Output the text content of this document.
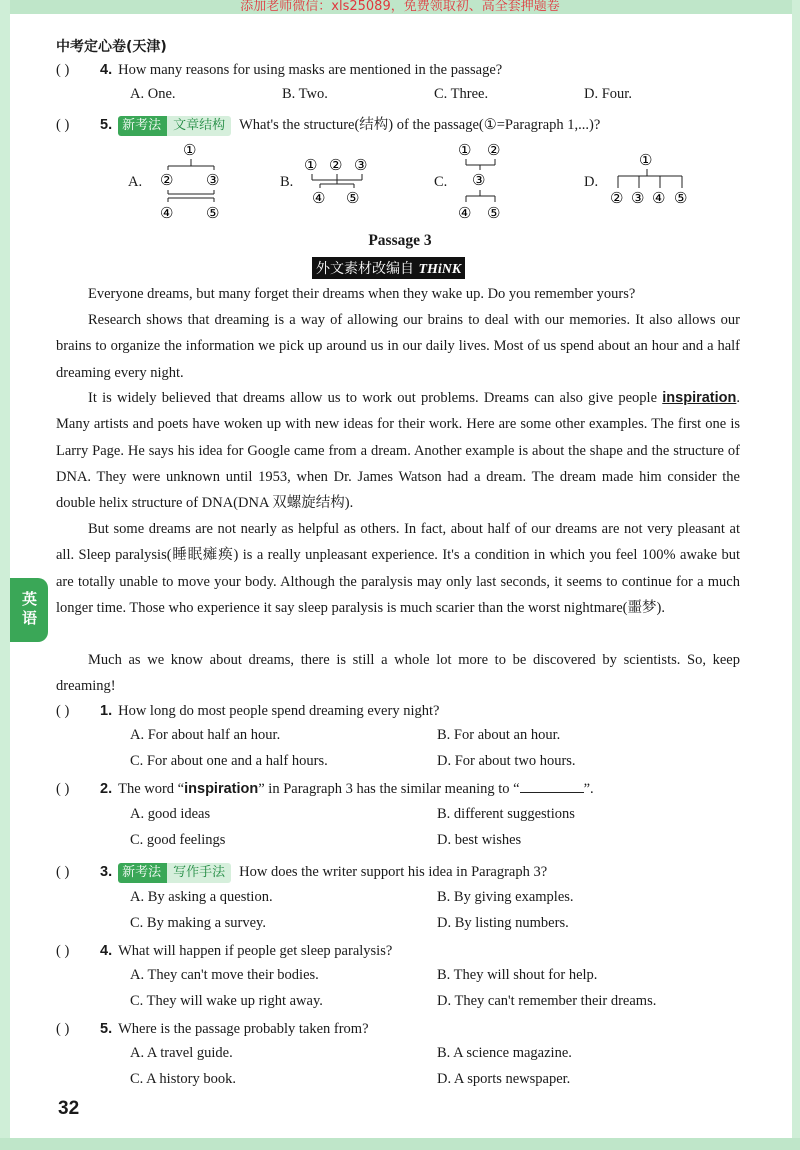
添加老师微信：xls25089，免费领取初、高全套押题卷
中考定心卷(天津)
英语
( ) 4. How many reasons for using masks are mentioned in the passage?
A. One.	B. Two.	C. Three.	D. Four.
( ) 5. 新考法 文章结构 What's the structure(结构) of the passage(①=Paragraph 1,...)?
A.
①
② ③
④ ⑤
B.
① ② ③
④ ⑤
C.
① ②
③
④ ⑤
D.
①
② ③ ④ ⑤
Passage 3
外文素材改编自 THiNK
Everyone dreams, but many forget their dreams when they wake up. Do you remember yours?
Research shows that dreaming is a way of allowing our brains to deal with our memories. It also allows our brains to organize the information we pick up around us in our daily lives. Most of us spend about an hour and a half dreaming every night.
It is widely believed that dreams allow us to work out problems. Dreams can also give people inspiration. Many artists and poets have woken up with new ideas for their work. Here are some other examples. The first one is Larry Page. He says his idea for Google came from a dream. Another example is about the shape and the structure of DNA. They were unknown until 1953, when Dr. James Watson had a dream. The dream made him consider the double helix structure of DNA(DNA 双螺旋结构).
But some dreams are not nearly as helpful as others. In fact, about half of our dreams are not very pleasant at all. Sleep paralysis(睡眠瘫痪) is a really unpleasant experience. It's a condition in which you feel 100% awake but are totally unable to move your body. Although the paralysis may only last seconds, it seems to continue for a much longer time. Those who experience it say sleep paralysis is much scarier than the worst nightmare(噩梦).
Much as we know about dreams, there is still a whole lot more to be discovered by scientists. So, keep dreaming!
( ) 1. How long do most people spend dreaming every night?
A. For about half an hour.	B. For about an hour.
C. For about one and a half hours.	D. For about two hours.
( ) 2. The word “inspiration” in Paragraph 3 has the similar meaning to “	”.
A. good ideas	B. different suggestions
C. good feelings	D. best wishes
( ) 3. 新考法 写作手法 How does the writer support his idea in Paragraph 3?
A. By asking a question.	B. By giving examples.
C. By making a survey.	D. By listing numbers.
( ) 4. What will happen if people get sleep paralysis?
A. They can't move their bodies.	B. They will shout for help.
C. They will wake up right away.	D. They can't remember their dreams.
( ) 5. Where is the passage probably taken from?
A. A travel guide.	B. A science magazine.
C. A history book.	D. A sports newspaper.
32
